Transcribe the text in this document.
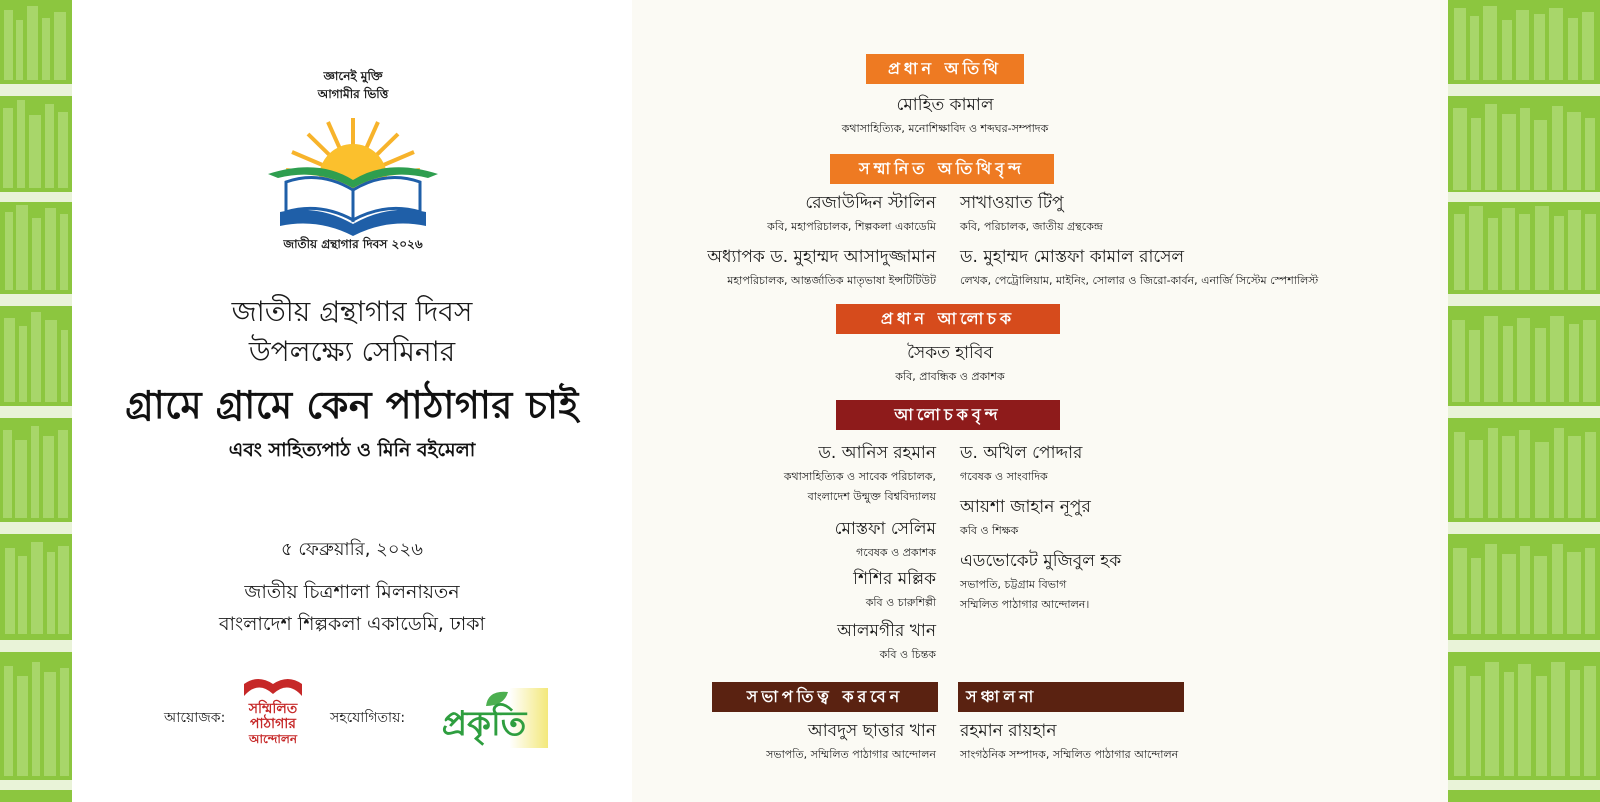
জ্ঞানেই মুক্তি
আগামীর ভিত্তি
জাতীয় গ্রন্থাগার দিবস ২০২৬
জাতীয় গ্রন্থাগার দিবস
উপলক্ষ্যে সেমিনার
গ্রামে গ্রামে কেন পাঠাগার চাই
এবং সাহিত্যপাঠ ও মিনি বইমেলা
৫ ফেব্রুয়ারি, ২০২৬
জাতীয় চিত্রশালা মিলনায়তন
বাংলাদেশ শিল্পকলা একাডেমি, ঢাকা
আয়োজক:
সম্মিলিত
পাঠাগার
আন্দোলন
সহযোগিতায়:	প্রকৃতি
প্রধান অতিথি
মোহিত কামাল
কথাসাহিত্যিক, মনোশিক্ষাবিদ ও শব্দঘর-সম্পাদক
সম্মানিত অতিথিবৃন্দ
রেজাউদ্দিন স্টালিন
কবি, মহাপরিচালক, শিল্পকলা একাডেমি
সাখাওয়াত টিপু
কবি, পরিচালক, জাতীয় গ্রন্থকেন্দ্র
অধ্যাপক ড. মুহাম্মদ আসাদুজ্জামান
মহাপরিচালক, আন্তর্জাতিক মাতৃভাষা ইন্সটিটিউট
ড. মুহাম্মদ মোস্তফা কামাল রাসেল
লেখক, পেট্রোলিয়াম, মাইনিং, সোলার ও জিরো-কার্বন, এনার্জি সিস্টেম স্পেশালিস্ট
প্রধান আলোচক
সৈকত হাবিব
কবি, প্রাবন্ধিক ও প্রকাশক
আলোচকবৃন্দ
ড. আনিস রহমান
কথাসাহিত্যিক ও সাবেক পরিচালক,
বাংলাদেশ উন্মুক্ত বিশ্ববিদ্যালয়
মোস্তফা সেলিম
গবেষক ও প্রকাশক
শিশির মল্লিক
কবি ও চারুশিল্পী
আলমগীর খান
কবি ও চিন্তক
ড. অখিল পোদ্দার
গবেষক ও সাংবাদিক
আয়শা জাহান নূপুর
কবি ও শিক্ষক
এডভোকেট মুজিবুল হক
সভাপতি, চট্টগ্রাম বিভাগ
সম্মিলিত পাঠাগার আন্দোলন।
সভাপতিত্ব করবেন
আবদুস ছাত্তার খান
সভাপতি, সম্মিলিত পাঠাগার আন্দোলন
সঞ্চালনা
রহমান রায়হান
সাংগঠনিক সম্পাদক, সম্মিলিত পাঠাগার আন্দোলন
